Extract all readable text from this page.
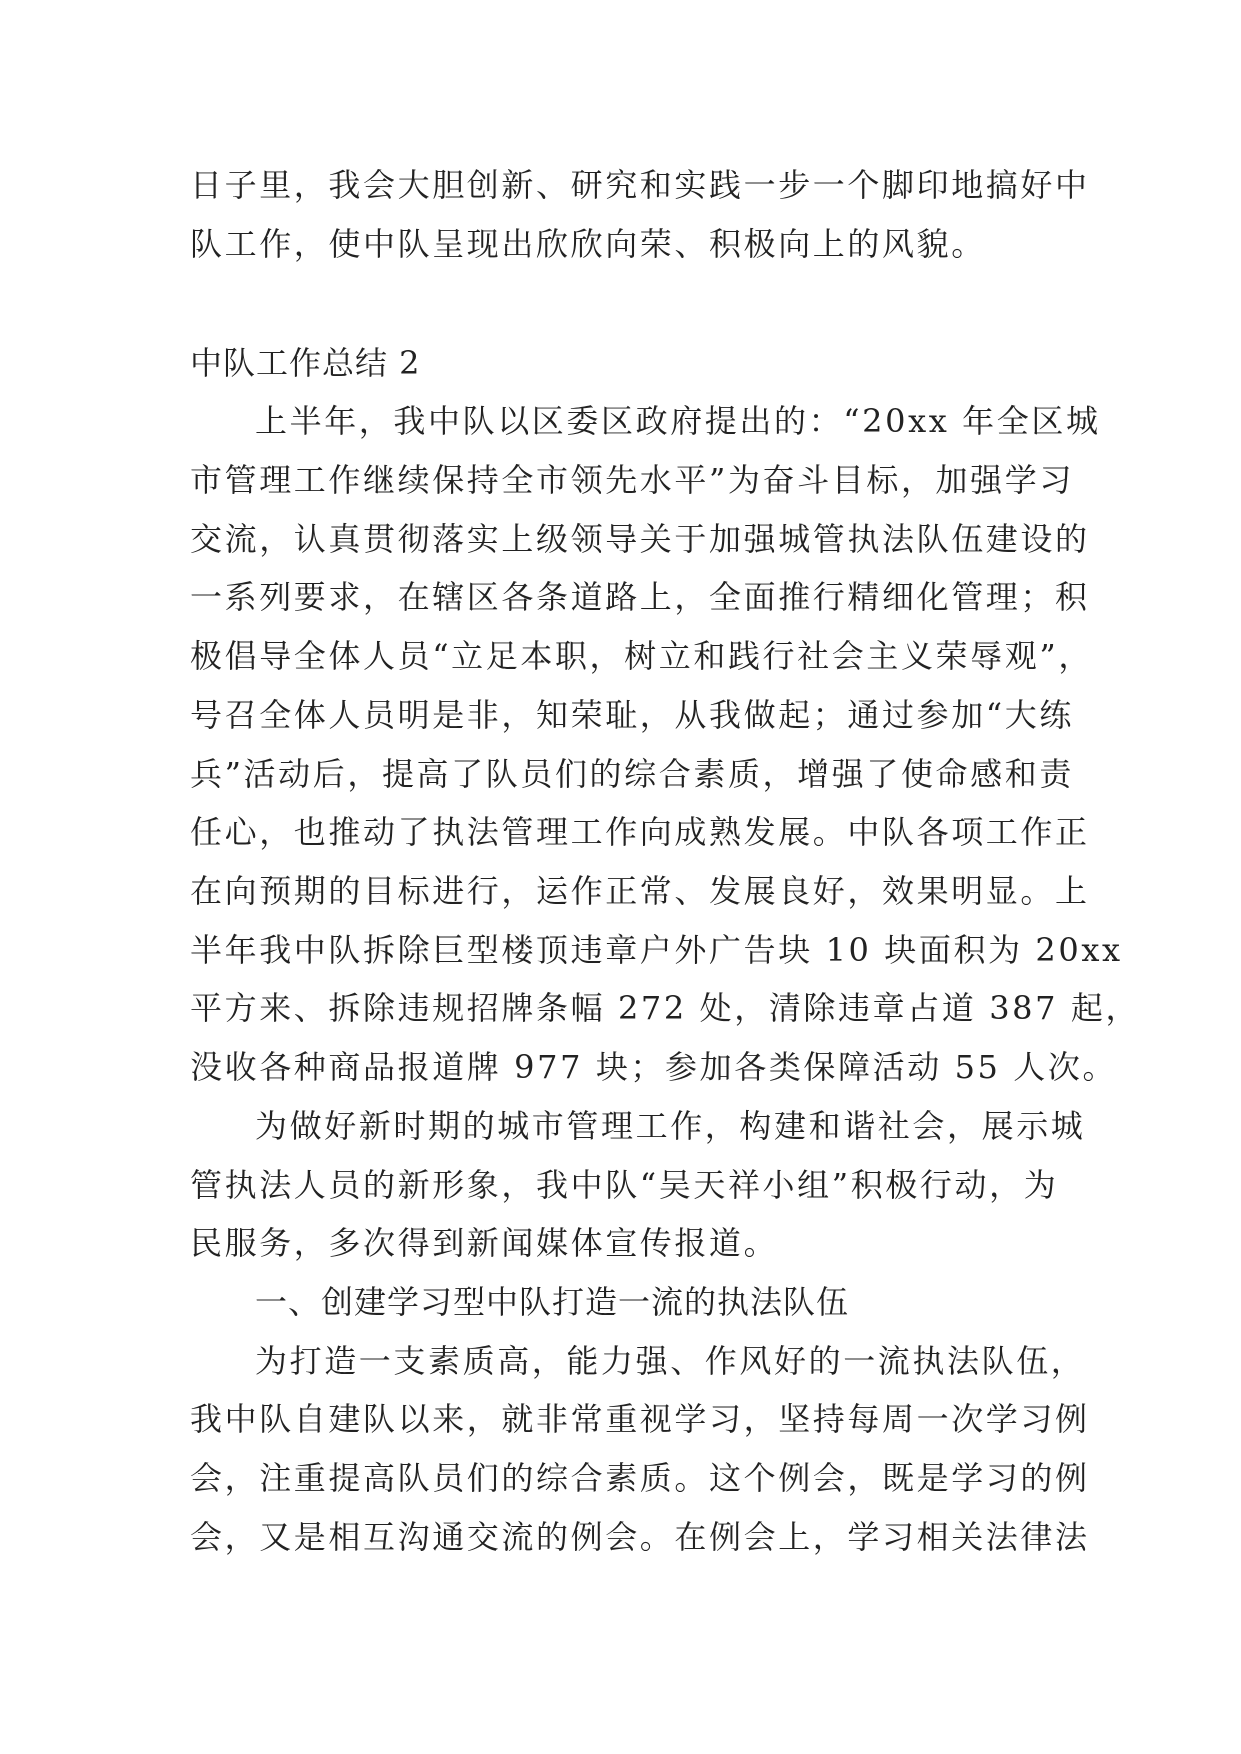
日子里，我会大胆创新、研究和实践一步一个脚印地搞好中
队工作，使中队呈现出欣欣向荣、积极向上的风貌。
中队工作总结 2
上半年，我中队以区委区政府提出的：“20xx 年全区城
市管理工作继续保持全市领先水平”为奋斗目标，加强学习
交流，认真贯彻落实上级领导关于加强城管执法队伍建设的
一系列要求，在辖区各条道路上，全面推行精细化管理；积
极倡导全体人员“立足本职，树立和践行社会主义荣辱观”，
号召全体人员明是非，知荣耻，从我做起；通过参加“大练
兵”活动后，提高了队员们的综合素质，增强了使命感和责
任心，也推动了执法管理工作向成熟发展。中队各项工作正
在向预期的目标进行，运作正常、发展良好，效果明显。上
半年我中队拆除巨型楼顶违章户外广告块 10 块面积为 20xx
平方来、拆除违规招牌条幅 272 处，清除违章占道 387 起，
没收各种商品报道牌 977 块；参加各类保障活动 55 人次。
为做好新时期的城市管理工作，构建和谐社会，展示城
管执法人员的新形象，我中队“吴天祥小组”积极行动，为
民服务，多次得到新闻媒体宣传报道。
一、创建学习型中队打造一流的执法队伍
为打造一支素质高，能力强、作风好的一流执法队伍，
我中队自建队以来，就非常重视学习，坚持每周一次学习例
会，注重提高队员们的综合素质。这个例会，既是学习的例
会，又是相互沟通交流的例会。在例会上，学习相关法律法
